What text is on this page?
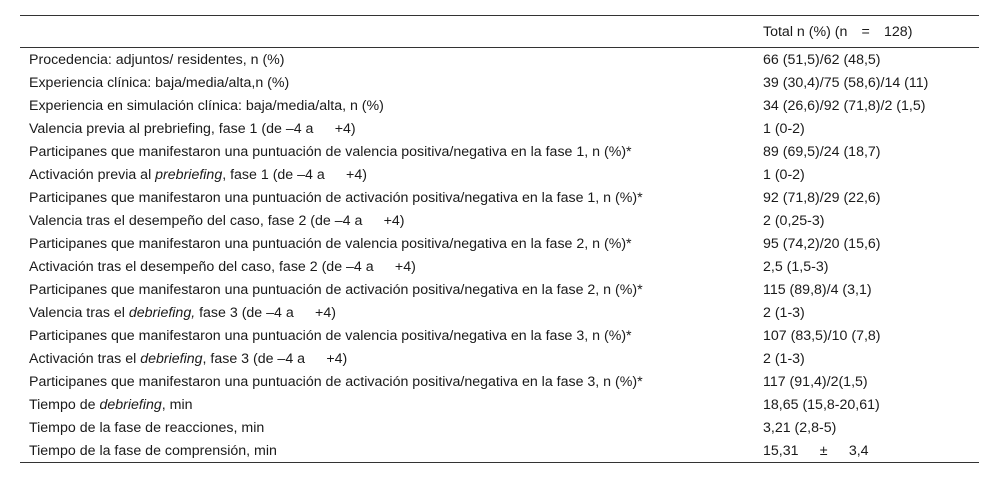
	Total n (%) (n  =  128)
Procedencia: adjuntos/ residentes, n (%)	66 (51,5)/62 (48,5)
Experiencia clínica: baja/media/alta,n (%)	39 (30,4)/75 (58,6)/14 (11)
Experiencia en simulación clínica: baja/media/alta, n (%)	34 (26,6)/92 (71,8)/2 (1,5)
Valencia previa al prebriefing, fase 1 (de –4 a   +4)	1 (0-2)
Participanes que manifestaron una puntuación de valencia positiva/negativa en la fase 1, n (%)*	89 (69,5)/24 (18,7)
Activación previa al prebriefing, fase 1 (de –4 a   +4)	1 (0-2)
Participanes que manifestaron una puntuación de activación positiva/negativa en la fase 1, n (%)*	92 (71,8)/29 (22,6)
Valencia tras el desempeño del caso, fase 2 (de –4 a   +4)	2 (0,25-3)
Participanes que manifestaron una puntuación de valencia positiva/negativa en la fase 2, n (%)*	95 (74,2)/20 (15,6)
Activación tras el desempeño del caso, fase 2 (de –4 a   +4)	2,5 (1,5-3)
Participanes que manifestaron una puntuación de activación positiva/negativa en la fase 2, n (%)*	115 (89,8)/4 (3,1)
Valencia tras el debriefing, fase 3 (de –4 a   +4)	2 (1-3)
Participanes que manifestaron una puntuación de valencia positiva/negativa en la fase 3, n (%)*	107 (83,5)/10 (7,8)
Activación tras el debriefing, fase 3 (de –4 a   +4)	2 (1-3)
Participanes que manifestaron una puntuación de activación positiva/negativa en la fase 3, n (%)*	117 (91,4)/2(1,5)
Tiempo de debriefing, min	18,65 (15,8-20,61)
Tiempo de la fase de reacciones, min	3,21 (2,8-5)
Tiempo de la fase de comprensión, min	15,31   ±   3,4
